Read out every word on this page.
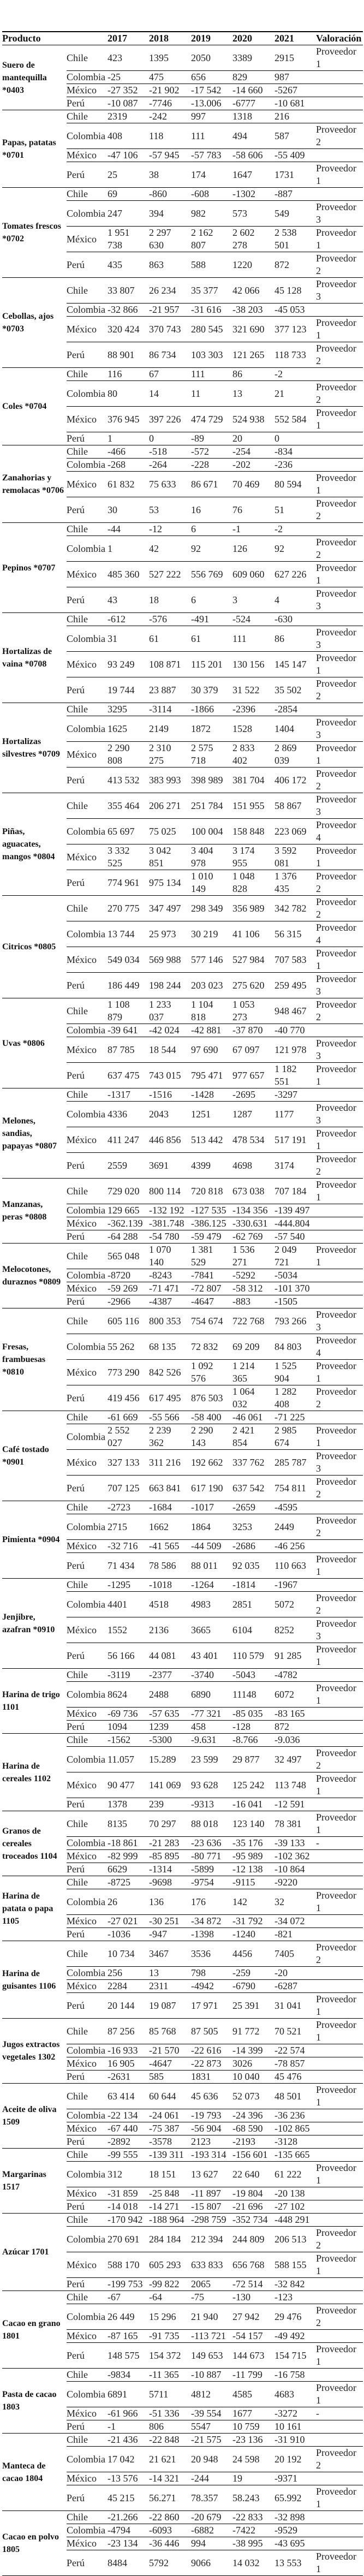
Producto		2017	2018	2019	2020	2021	Valoración
Suero de mantequilla *0403	Chile	423	1395	2050	3389	2915	Proveedor 1
	Colombia	-25	475	656	829	987	
	México	-27 352	-21 902	-17 542	-14 660	-5267	
	Perú	-10 087	-7746	-13.006	-6777	-10 681	
Papas, patatas *0701	Chile	2319	-242	997	1318	216	
	Colombia	408	118	111	494	587	Proveedor 2
	México	-47 106	-57 945	-57 783	-58 606	-55 409	
	Perú	25	38	174	1647	1731	Proveedor 1
Tomates frescos *0702	Chile	69	-860	-608	-1302	-887	
	Colombia	247	394	982	573	549	Proveedor 3
	México	1 951 738	2 297 630	2 162 807	2 602 278	2 538 501	Proveedor 1
	Perú	435	863	588	1220	872	Proveedor 2
Cebollas, ajos *0703	Chile	33 807	26 234	35 377	42 066	45 128	Proveedor 3
	Colombia	-32 866	-21 957	-31 616	-38 203	-45 053	
	México	320 424	370 743	280 545	321 690	377 123	Proveedor 1
	Perú	88 901	86 734	103 303	121 265	118 733	Proveedor 2
Coles *0704	Chile	116	67	111	86	-2	
	Colombia	80	14	11	13	21	Proveedor 2
	México	376 945	397 226	474 729	524 938	552 584	Proveedor 1
	Perú	1	0	-89	20	0	
Zanahorias y remolacas *0706	Chile	-466	-518	-572	-254	-834	
	Colombia	-268	-264	-228	-202	-236	
	México	61 832	75 633	86 671	70 469	80 594	Proveedor 1
	Perú	30	53	16	76	51	Proveedor 2
Pepinos *0707	Chile	-44	-12	6	-1	-2	
	Colombia	1	42	92	126	92	Proveedor 2
	México	485 360	527 222	556 769	609 060	627 226	Proveedor 1
	Perú	43	18	6	3	4	Proveedor 3
Hortalizas de vaina *0708	Chile	-612	-576	-491	-524	-630	
	Colombia	31	61	61	111	86	Proveedor 3
	México	93 249	108 871	115 201	130 156	145 147	Proveedor 1
	Perú	19 744	23 887	30 379	31 522	35 502	Proveedor 2
Hortalizas silvestres *0709	Chile	3295	-3114	-1866	-2396	-2854	
	Colombia	1625	2149	1872	1528	1404	Proveedor 3
	México	2 290 808	2 310 275	2 575 718	2 833 402	2 869 039	Proveedor 1
	Perú	413 532	383 993	398 989	381 704	406 172	Proveedor 2
Piñas, aguacates, mangos *0804	Chile	355 464	206 271	251 784	151 955	58 867	Proveedor 3
	Colombia	65 697	75 025	100 004	158 848	223 069	Proveedor 4
	México	3 332 525	3 042 851	3 404 978	3 174 955	3 592 081	Proveedor 1
	Perú	774 961	975 134	1 010 149	1 048 828	1 376 435	Proveedor 2
Citricos *0805	Chile	270 775	347 497	298 349	356 989	342 782	Proveedor 2
	Colombia	13 744	25 973	30 219	41 106	56 315	Proveedor 4
	México	549 034	569 988	577 146	527 984	707 583	Proveedor 1
	Perú	186 449	198 244	203 023	275 620	259 495	Proveedor 3
Uvas *0806	Chile	1 108 879	1 233 037	1 104 818	1 053 273	948 467	Proveedor 2
	Colombia	-39 641	-42 024	-42 881	-37 870	-40 770	
	México	87 785	18 544	97 690	67 097	121 978	Proveedor 3
	Perú	637 475	743 015	795 471	977 657	1 182 551	Proveedor 1
Melones, sandias, papayas *0807	Chile	-1317	-1516	-1428	-2695	-3297	
	Colombia	4336	2043	1251	1287	1177	Proveedor 3
	México	411 247	446 856	513 442	478 534	517 191	Proveedor 1
	Perú	2559	3691	4399	4698	3174	Proveedor 2
Manzanas, peras *0808	Chile	729 020	800 114	720 818	673 038	707 184	Proveedor 1
	Colombia	129 665	-132 192	-127 535	-134 356	-139 497	
	México	-362.139	-381.748	-386.125	-330.631	-444.804	
	Perú	-64 288	-54 780	-59 479	-62 769	-57 540	
Melocotones, duraznos *0809	Chile	565 048	1 070 140	1 381 529	1 536 271	2 049 721	Proveedor 1
	Colombia	-8720	-8243	-7841	-5292	-5034	
	México	-59 269	-71 471	-72 807	-58 312	-101 370	
	Perú	-2966	-4387	-4647	-883	-1505	
Fresas, frambuesas *0810	Chile	605 116	800 353	754 674	722 768	793 266	Proveedor 3
	Colombia	55 262	68 135	72 832	69 209	84 803	Proveedor 4
	México	773 290	842 526	1 092 576	1 214 365	1 525 904	Proveedor 1
	Perú	419 456	617 495	876 503	1 064 032	1 282 408	Proveedor 2
Café tostado *0901	Chile	-61 669	-55 566	-58 400	-46 061	-71 225	
	Colombia	2 552 027	2 239 362	2 290 143	2 421 854	2 985 674	Proveedor 1
	México	327 133	311 216	192 662	337 762	285 787	Proveedor 3
	Perú	707 125	663 841	617 190	637 542	754 811	Proveedor 2
Pimienta *0904	Chile	-2723	-1684	-1017	-2659	-4595	
	Colombia	2715	1662	1864	3253	2449	Proveedor 2
	México	-32 716	-41 565	-44 509	-2686	-46 256	
	Perú	71 434	78 586	88 011	92 035	110 663	Proveedor 1
Jenjibre, azafran *0910	Chile	-1295	-1018	-1264	-1814	-1967	
	Colombia	4401	4518	4983	2851	5072	Proveedor 2
	México	1552	2136	3665	6104	8252	Proveedor 3
	Perú	56 166	44 081	43 401	110 579	91 285	Proveedor 1
Harina de trigo 1101	Chile	-3119	-2377	-3740	-5043	-4782	
	Colombia	8624	2488	6890	11148	6072	Proveedor 1
	México	-69 736	-57 635	-77 321	-85 035	-83 165	
	Perú	1094	1239	458	-128	872	
Harina de cereales 1102	Chile	-1562	-5300	-9.631	-8.766	-9.036	
	Colombia	11.057	15.289	23 599	29 877	32 497	Proveedor 2
	México	90 477	141 069	93 628	125 242	113 748	Proveedor 1
	Perú	1378	239	-9313	-16 041	-12 591	
Granos de cereales troceados 1104	Chile	8135	70 297	88 018	123 140	78 381	Proveedor 1
	Colombia	-18 861	-21 283	-23 636	-35 176	-39 133	-
	México	-82 999	-85 895	-80 771	-95 989	-102 362	
	Perú	6629	-1314	-5899	-12 138	-10 864	
Harina de patata o papa 1105	Chile	-8725	-9698	-9754	-9115	-9220	
	Colombia	26	136	176	142	32	Proveedor 1
	México	-27 021	-30 251	-34 872	-31 792	-34 072	
	Perú	-1036	-947	-1398	-1240	-821	
Harina de guisantes 1106	Chile	10 734	3467	3536	4456	7405	Proveedor 2
	Colombia	256	13	798	-259	-20	
	México	2284	2311	-4942	-6790	-6287	
	Perú	20 144	19 087	17 971	25 391	31 041	Proveedor 1
Jugos extractos vegetales 1302	Chile	87 256	85 768	87 505	91 772	70 521	Proveedor 1
	Colombia	-16 933	-21 570	-22 616	-14 399	-22 574	
	México	16 905	-4647	-22 873	3026	-78 857	
	Perú	-2631	585	1831	10 040	45 476	
Aceite de oliva 1509	Chile	63 414	60 644	45 636	52 073	48 501	Proveedor 1
	Colombia	-22 134	-24 061	-19 793	-24 396	-36 236	
	México	-67 440	-75 387	-56 904	-68 590	-102 865	
	Perú	-2892	-3578	2123	-2193	-3128	
Margarinas 1517	Chile	-99 555	-139 311	-193 314	-156 601	-135 665	
	Colombia	312	18 151	13 627	22 640	61 222	Proveedor 1
	México	-31 859	-25 848	-11 897	-19 804	-20 138	
	Perú	-14 018	-14 271	-15 807	-21 696	-27 102	
Azúcar 1701	Chile	-170 942	-188 964	-298 759	-352 734	-448 291	
	Colombia	270 691	284 184	212 394	244 809	206 513	Proveedor 2
	México	588 170	605 293	633 833	656 768	588 155	Proveedor 1
	Perú	-199 753	-99 822	2065	-72 514	-32 842	
Cacao en grano 1801	Chile	-67	-64	-75	-130	-123	
	Colombia	26 449	15 296	21 940	27 942	29 476	Proveedor 2
	México	-87 165	-91 735	-113 721	-54 157	-49 492	
	Perú	148 575	154 372	149 653	144 673	154 715	Proveedor 1
Pasta de cacao 1803	Chile	-9834	-11 365	-10 887	-11 799	-16 758	
	Colombia	6891	5711	4812	4585	4683	Proveedor 1
	México	-61 966	-51 336	-39 554	1677	-3272	-
	Perú	-1	806	5547	10 759	10 161	
Manteca de cacao 1804	Chile	-21 436	-22 848	-21 575	-23 136	-31 910	
	Colombia	17 042	21 621	20 948	24 598	20 192	Proveedor 2
	México	-13 576	-14 321	-244	19	-9371	
	Perú	45 215	56.271	78.357	58.243	65.992	Proveedor 1
Cacao en polvo 1805	Chile	-21.266	-22 860	-20 679	-22 833	-32 898	
	Colombia	-4794	-6093	-6882	-7422	-9529	
	México	-23 134	-36 446	994	-38 995	-43 695	
	Perú	8484	5792	9066	14 032	13 553	Proveedor 1
